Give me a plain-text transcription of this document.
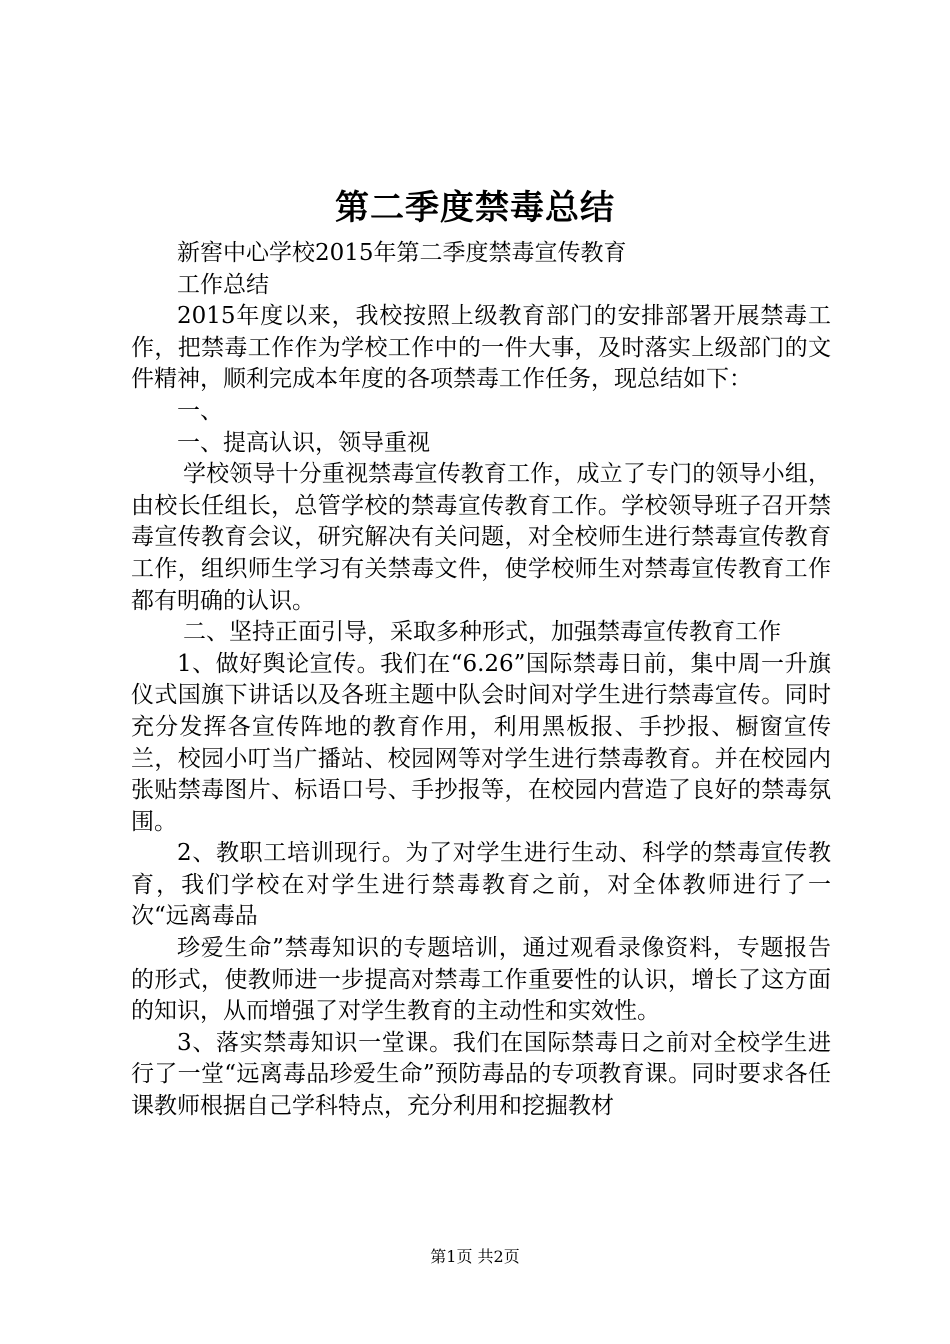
第二季度禁毒总结

新窖中心学校2015年第二季度禁毒宣传教育

工作总结

2015年度以来，我校按照上级教育部门的安排部署开展禁毒工作，把禁毒工作作为学校工作中的一件大事，及时落实上级部门的文件精神，顺利完成本年度的各项禁毒工作任务，现总结如下：

一、

一、提高认识，领导重视

学校领导十分重视禁毒宣传教育工作，成立了专门的领导小组，由校长任组长，总管学校的禁毒宣传教育工作。学校领导班子召开禁毒宣传教育会议，研究解决有关问题，对全校师生进行禁毒宣传教育工作，组织师生学习有关禁毒文件，使学校师生对禁毒宣传教育工作都有明确的认识。

二、坚持正面引导，采取多种形式，加强禁毒宣传教育工作

1、做好舆论宣传。我们在“6.26”国际禁毒日前，集中周一升旗仪式国旗下讲话以及各班主题中队会时间对学生进行禁毒宣传。同时充分发挥各宣传阵地的教育作用，利用黑板报、手抄报、橱窗宣传兰，校园小叮当广播站、校园网等对学生进行禁毒教育。并在校园内张贴禁毒图片、标语口号、手抄报等，在校园内营造了良好的禁毒氛围。

2、教职工培训现行。为了对学生进行生动、科学的禁毒宣传教育，我们学校在对学生进行禁毒教育之前，对全体教师进行了一次“远离毒品

珍爱生命”禁毒知识的专题培训，通过观看录像资料，专题报告的形式，使教师进一步提高对禁毒工作重要性的认识，增长了这方面的知识，从而增强了对学生教育的主动性和实效性。

3、落实禁毒知识一堂课。我们在国际禁毒日之前对全校学生进行了一堂“远离毒品珍爱生命”预防毒品的专项教育课。同时要求各任课教师根据自己学科特点，充分利用和挖掘教材

第1页 共2页
